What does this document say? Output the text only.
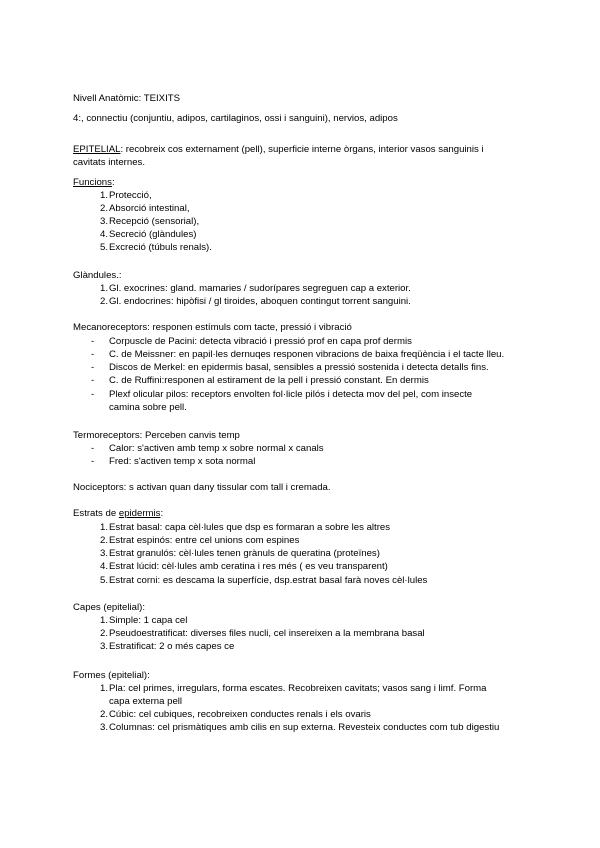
Nivell Anatòmic: TEIXITS
4:, connectiu (conjuntiu, adipos, cartilaginos, ossi i sanguini), nervios, adipos
EPITELIAL: recobreix cos externament (pell), superficie interne òrgans, interior vasos sanguinis i
cavitats internes.
Funcions:
1. Protecció,
2. Absorció intestinal,
3. Recepció (sensorial),
4. Secreció (glàndules)
5. Excreció (túbuls renals).
Glàndules.:
1. Gl. exocrines: gland. mamaries / sudorípares segreguen cap a exterior.
2. Gl. endocrines: hipòfisi / gl tiroides, aboquen contingut torrent sanguini.
Mecanoreceptors: responen estímuls com tacte, pressió i vibració
- Corpuscle de Pacini: detecta vibració i pressió prof en capa prof dermis
- C. de Meissner: en papil·les dernuqes responen vibracions de baixa freqüència i el tacte lleu.
- Discos de Merkel: en epidermis basal, sensibles a pressió sostenida i detecta detalls fins.
- C. de Ruffini:responen al estirament de la pell i pressió constant. En dermis
- Plexf olicular pilos: receptors envolten fol·licle pilós i detecta mov del pel, com insecte
camina sobre pell.
Termoreceptors: Perceben canvis temp
- Calor: s'activen amb temp x sobre normal x canals
- Fred: s'activen temp x sota normal
Nociceptors: s activan quan dany tissular com tall i cremada.
Estrats de epidermis:
1. Estrat basal: capa cèl·lules que dsp es formaran a sobre les altres
2. Estrat espinós: entre cel unions com espines
3. Estrat granulós: cèl·lules tenen grànuls de queratina (proteïnes)
4. Estrat lúcid: cèl·lules amb ceratina i res més ( es veu transparent)
5. Estrat corni: es descama la superfície, dsp.estrat basal farà noves cèl·lules
Capes (epitelial):
1. Simple: 1 capa cel
2. Pseudoestratificat: diverses files nucli, cel insereixen a la membrana basal
3. Estratificat: 2 o més capes ce
Formes (epitelial):
1. Pla: cel primes, irregulars, forma escates. Recobreixen cavitats; vasos sang i limf. Forma
capa externa pell
2. Cúbic: cel cubiques, recobreixen conductes renals i els ovaris
3. Columnas: cel prismàtiques amb cilis en sup externa. Revesteix conductes com tub digestiu
